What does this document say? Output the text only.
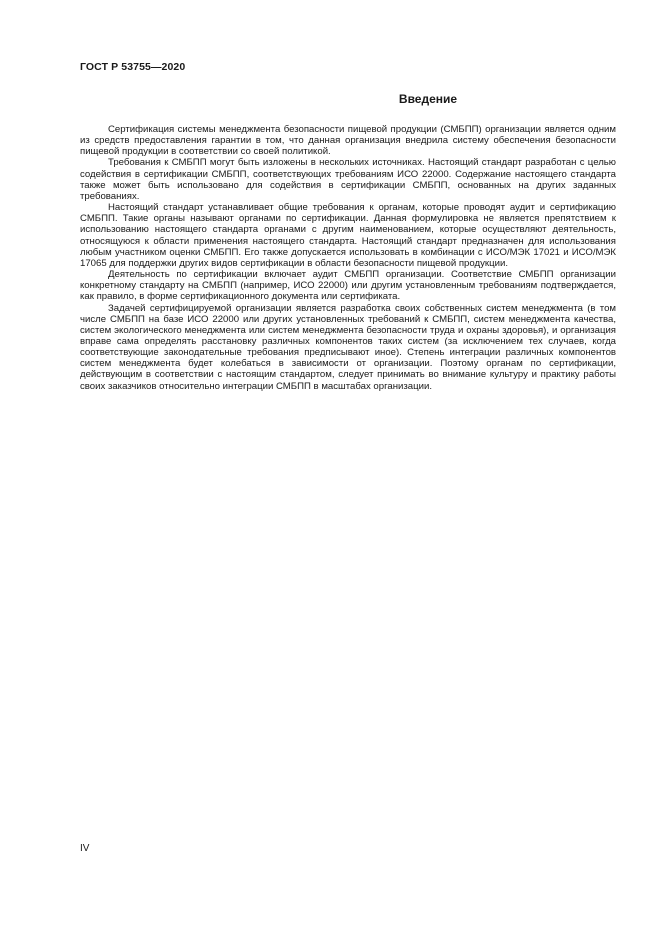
ГОСТ Р 53755—2020
Введение

Сертификация системы менеджмента безопасности пищевой продукции (СМБПП) организации является одним из средств предоставления гарантии в том, что данная организация внедрила систему обеспечения безопасности пищевой продукции в соответствии со своей политикой.

Требования к СМБПП могут быть изложены в нескольких источниках. Настоящий стандарт разработан с целью содействия в сертификации СМБПП, соответствующих требованиям ИСО 22000. Содержание настоящего стандарта также может быть использовано для содействия в сертификации СМБПП, основанных на других заданных требованиях.

Настоящий стандарт устанавливает общие требования к органам, которые проводят аудит и сертификацию СМБПП. Такие органы называют органами по сертификации. Данная формулировка не является препятствием к использованию настоящего стандарта органами с другим наименованием, которые осуществляют деятельность, относящуюся к области применения настоящего стандарта. Настоящий стандарт предназначен для использования любым участником оценки СМБПП. Его также допускается использовать в комбинации с ИСО/МЭК 17021 и ИСО/МЭК 17065 для поддержки других видов сертификации в области безопасности пищевой продукции.

Деятельность по сертификации включает аудит СМБПП организации. Соответствие СМБПП организации конкретному стандарту на СМБПП (например, ИСО 22000) или другим установленным требованиям подтверждается, как правило, в форме сертификационного документа или сертификата.

Задачей сертифицируемой организации является разработка своих собственных систем менеджмента (в том числе СМБПП на базе ИСО 22000 или других установленных требований к СМБПП, систем менеджмента качества, систем экологического менеджмента или систем менеджмента безопасности труда и охраны здоровья), и организация вправе сама определять расстановку различных компонентов таких систем (за исключением тех случаев, когда соответствующие законодательные требования предписывают иное). Степень интеграции различных компонентов систем менеджмента будет колебаться в зависимости от организации. Поэтому органам по сертификации, действующим в соответствии с настоящим стандартом, следует принимать во внимание культуру и практику работы своих заказчиков относительно интеграции СМБПП в масштабах организации.

IV
